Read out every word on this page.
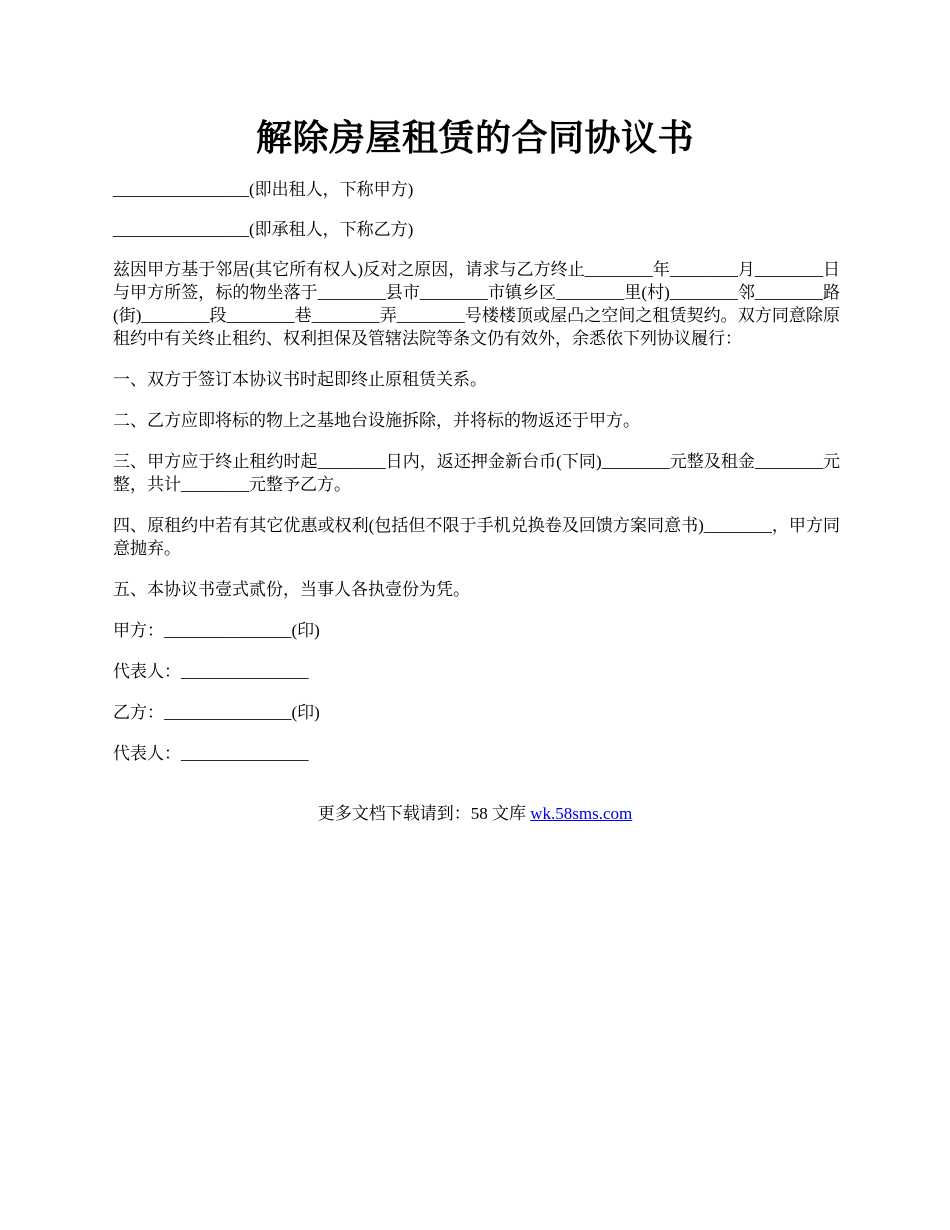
解除房屋租赁的合同协议书

________________(即出租人，下称甲方)

________________(即承租人，下称乙方)

兹因甲方基于邻居(其它所有权人)反对之原因，请求与乙方终止________年________月________日与甲方所签，标的物坐落于________县市________市镇乡区________里(村)________邻________路(街)________段________巷________弄________号楼楼顶或屋凸之空间之租赁契约。双方同意除原租约中有关终止租约、权利担保及管辖法院等条文仍有效外，余悉依下列协议履行：

一、双方于签订本协议书时起即终止原租赁关系。

二、乙方应即将标的物上之基地台设施拆除，并将标的物返还于甲方。

三、甲方应于终止租约时起________日内，返还押金新台币(下同)________元整及租金________元整，共计________元整予乙方。

四、原租约中若有其它优惠或权利(包括但不限于手机兑换卷及回馈方案同意书)________，甲方同意抛弃。

五、本协议书壹式贰份，当事人各执壹份为凭。

甲方：_______________(印)

代表人：_______________

乙方：_______________(印)

代表人：_______________

更多文档下载请到：58 文库 wk.58sms.com
